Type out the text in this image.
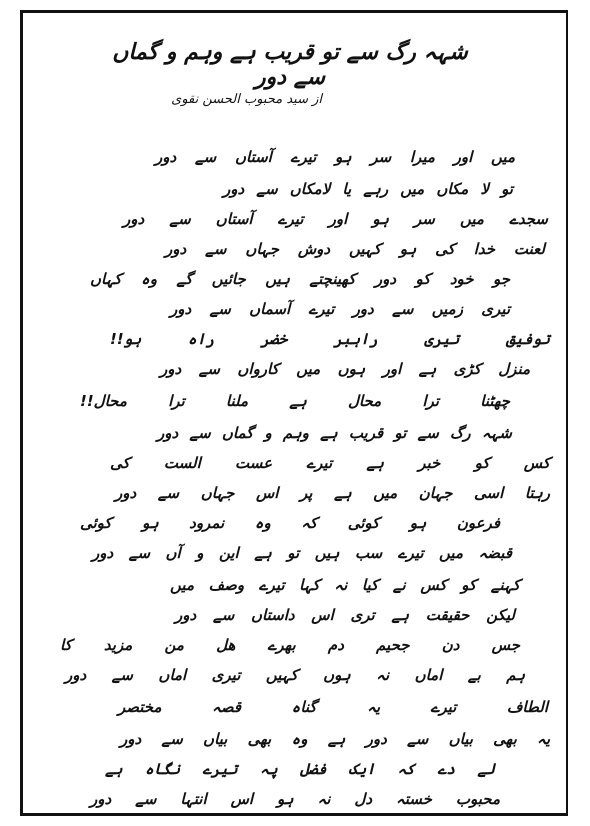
شہہ رگ سے تو قریب ہے وہم و گماں سے دور
از سید محبوب الحسن نقوی
میں اور میرا سر ہو تیرے آستاں سے دور
تو لا مکاں میں رہے یا لامکاں سے دور
سجدے میں سر ہو اور تیرے آستاں سے دور
لعنت خدا کی ہو کہیں دوش جہاں سے دور
جو خود کو دور کھینچتے ہیں جائیں گے وہ کہاں
تیری زمیں سے دور تیرے آسماں سے دور
توفیق تیری راہبر خضر راہ ہو!!
منزل کڑی ہے اور ہوں میں کارواں سے دور
چھٹنا ترا محال ہے ملنا ترا محال!!
شہہ رگ سے تو قریب ہے وہم و گماں سے دور
کس کو خبر ہے تیرے عست الست کی
رہتا اسی جہان میں ہے پر اس جہاں سے دور
فرعون ہو کوئی کہ وہ نمرود ہو کوئی
قبضہ میں تیرے سب ہیں تو ہے این و آں سے دور
کہنے کو کس نے کیا نہ کہا تیرے وصف میں
لیکن حقیقت ہے تری اس داستاں سے دور
جس دن جحیم دم بھرے ھل من مزید کا
ہم بے اماں نہ ہوں کہیں تیری اماں سے دور
الطاف تیرے یہ گناہ قصہ مختصر
یہ بھی بیاں سے دور ہے وہ بھی بیاں سے دور
لے دے کہ ایک فضل پہ تیرے نگاہ ہے
محبوب خستہ دل نہ ہو اس انتہا سے دور
